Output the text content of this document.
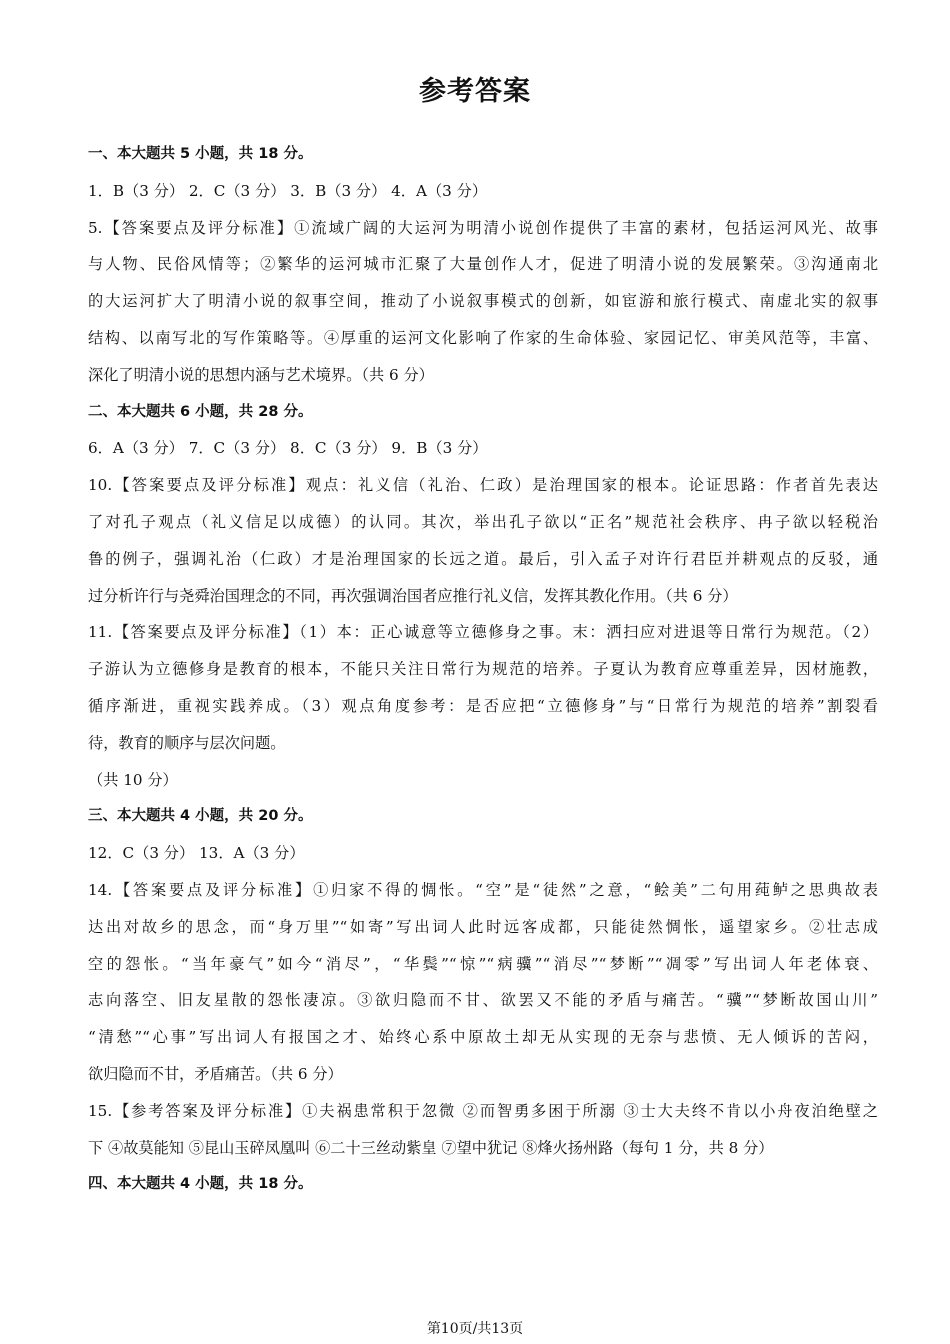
参考答案
一、本大题共 5 小题，共 18 分。
1．B（3 分） 2．C（3 分） 3．B（3 分） 4．A（3 分）
5.【答案要点及评分标准】①流域广阔的大运河为明清小说创作提供了丰富的素材，包括运河风光、故事
与人物、民俗风情等；②繁华的运河城市汇聚了大量创作人才，促进了明清小说的发展繁荣。③沟通南北
的大运河扩大了明清小说的叙事空间，推动了小说叙事模式的创新，如宦游和旅行模式、南虚北实的叙事
结构、以南写北的写作策略等。④厚重的运河文化影响了作家的生命体验、家园记忆、审美风范等，丰富、
深化了明清小说的思想内涵与艺术境界。（共 6 分）
二、本大题共 6 小题，共 28 分。
6．A（3 分） 7．C（3 分） 8．C（3 分） 9．B（3 分）
10.【答案要点及评分标准】观点：礼义信（礼治、仁政）是治理国家的根本。论证思路：作者首先表达
了对孔子观点（礼义信足以成德）的认同。其次，举出孔子欲以“正名”规范社会秩序、冉子欲以轻税治
鲁的例子，强调礼治（仁政）才是治理国家的长远之道。最后，引入孟子对许行君臣并耕观点的反驳，通
过分析许行与尧舜治国理念的不同，再次强调治国者应推行礼义信，发挥其教化作用。（共 6 分）
11.【答案要点及评分标准】（1）本：正心诚意等立德修身之事。末：洒扫应对进退等日常行为规范。（2）
子游认为立德修身是教育的根本，不能只关注日常行为规范的培养。子夏认为教育应尊重差异，因材施教，
循序渐进，重视实践养成。（3）观点角度参考：是否应把“立德修身”与“日常行为规范的培养”割裂看
待，教育的顺序与层次问题。
（共 10 分）
三、本大题共 4 小题，共 20 分。
12．C（3 分） 13．A（3 分）
14.【答案要点及评分标准】①归家不得的惆怅。“空”是“徒然”之意，“鲙美”二句用莼鲈之思典故表
达出对故乡的思念，而“身万里”“如寄”写出词人此时远客成都，只能徒然惆怅，遥望家乡。②壮志成
空的怨怅。“当年豪气”如今“消尽”，“华鬓”“惊”“病骥”“消尽”“梦断”“凋零”写出词人年老体衰、
志向落空、旧友星散的怨怅凄凉。③欲归隐而不甘、欲罢又不能的矛盾与痛苦。“骥”“梦断故国山川”
“清愁”“心事”写出词人有报国之才、始终心系中原故土却无从实现的无奈与悲愤、无人倾诉的苦闷，
欲归隐而不甘，矛盾痛苦。（共 6 分）
15.【参考答案及评分标准】①夫祸患常积于忽微 ②而智勇多困于所溺 ③士大夫终不肯以小舟夜泊绝壁之
下 ④故莫能知 ⑤昆山玉碎凤凰叫 ⑥二十三丝动紫皇 ⑦望中犹记 ⑧烽火扬州路（每句 1 分，共 8 分）
四、本大题共 4 小题，共 18 分。
第10页/共13页
